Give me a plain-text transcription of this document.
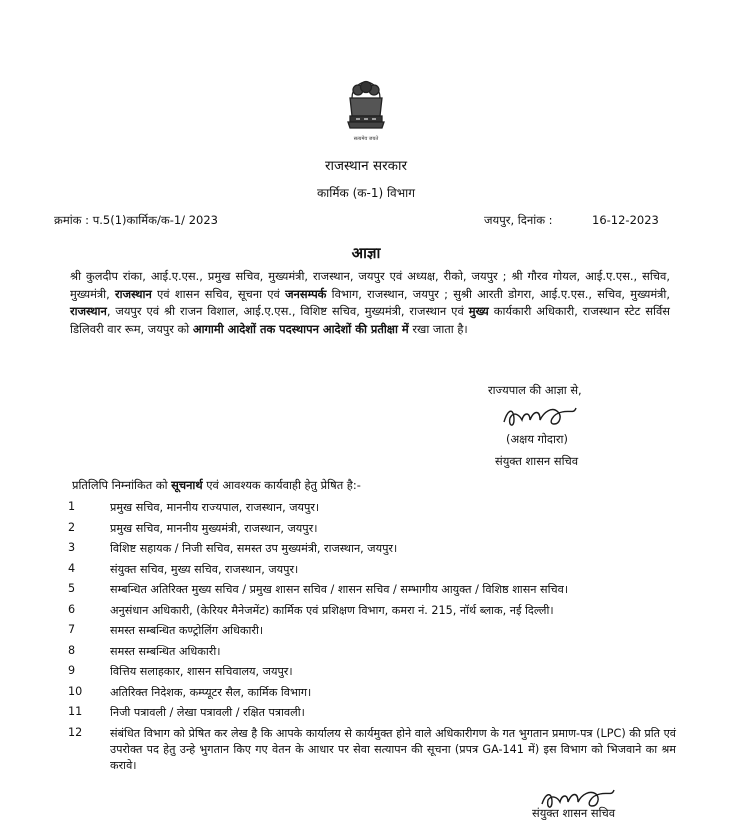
सत्यमेव जयते
राजस्थान सरकार
कार्मिक (क-1) विभाग
क्रमांक : प.5(1)कार्मिक/क-1/ 2023	जयपुर, दिनांक :	16-12-2023
आज्ञा
श्री कुलदीप रांका, आई.ए.एस., प्रमुख सचिव, मुख्यमंत्री, राजस्थान, जयपुर एवं अध्यक्ष, रीको, जयपुर ; श्री गौरव गोयल, आई.ए.एस., सचिव, मुख्यमंत्री, राजस्थान एवं शासन सचिव, सूचना एवं जनसम्पर्क विभाग, राजस्थान, जयपुर ; सुश्री आरती डोगरा, आई.ए.एस., सचिव, मुख्यमंत्री, राजस्थान, जयपुर एवं श्री राजन विशाल, आई.ए.एस., विशिष्ट सचिव, मुख्यमंत्री, राजस्थान एवं मुख्य कार्यकारी अधिकारी, राजस्थान स्टेट सर्विस डिलिवरी वार रूम, जयपुर को आगामी आदेशों तक पदस्थापन आदेशों की प्रतीक्षा में रखा जाता है।
राज्यपाल की आज्ञा से,
(अक्षय गोदारा)
संयुक्त शासन सचिव
प्रतिलिपि निम्नांकित को सूचनार्थ एवं आवश्यक कार्यवाही हेतु प्रेषित है:-
1	प्रमुख सचिव, माननीय राज्यपाल, राजस्थान, जयपुर।
2	प्रमुख सचिव, माननीय मुख्यमंत्री, राजस्थान, जयपुर।
3	विशिष्ट सहायक / निजी सचिव, समस्त उप मुख्यमंत्री, राजस्थान, जयपुर।
4	संयुक्त सचिव, मुख्य सचिव, राजस्थान, जयपुर।
5	सम्बन्धित अतिरिक्त मुख्य सचिव / प्रमुख शासन सचिव / शासन सचिव / सम्भागीय आयुक्त / विशिष्ठ शासन सचिव।
6	अनुसंधान अधिकारी, (केरियर मैनेजमेंट) कार्मिक एवं प्रशिक्षण विभाग, कमरा नं. 215, नॉर्थ ब्लाक, नई दिल्ली।
7	समस्त सम्बन्धित कण्ट्रोलिंग अधिकारी।
8	समस्त सम्बन्धित अधिकारी।
9	वित्तिय सलाहकार, शासन सचिवालय, जयपुर।
10	अतिरिक्त निदेशक, कम्प्यूटर सैल, कार्मिक विभाग।
11	निजी पत्रावली / लेखा पत्रावली / रक्षित पत्रावली।
12	संबंधित विभाग को प्रेषित कर लेख है कि आपके कार्यालय से कार्यमुक्त होने वाले अधिकारीगण के गत भुगतान प्रमाण-पत्र (LPC) की प्रति एवं उपरोक्त पद हेतु उन्हे भुगतान किए गए वेतन के आधार पर सेवा सत्यापन की सूचना (प्रपत्र GA-141 में) इस विभाग को भिजवाने का श्रम करावे।
संयुक्त शासन सचिव
